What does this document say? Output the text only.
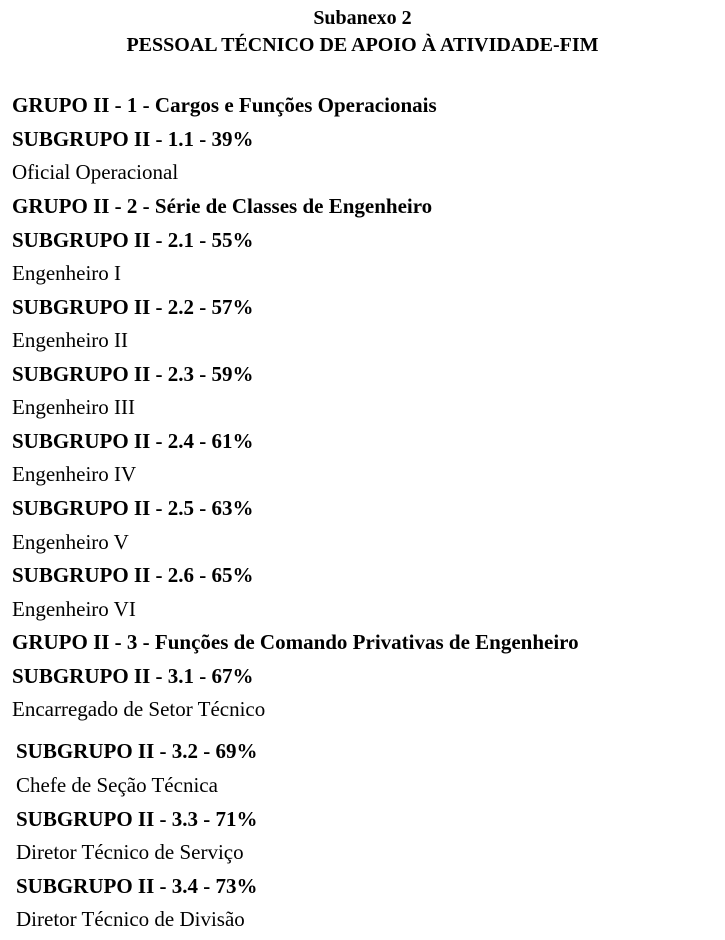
Subanexo 2
PESSOAL TÉCNICO DE APOIO À ATIVIDADE-FIM
GRUPO II - 1 - Cargos e Funções Operacionais
SUBGRUPO II - 1.1 - 39%
Oficial Operacional
GRUPO II - 2 - Série de Classes de Engenheiro
SUBGRUPO II - 2.1 - 55%
Engenheiro I
SUBGRUPO II - 2.2 - 57%
Engenheiro II
SUBGRUPO II - 2.3 - 59%
Engenheiro III
SUBGRUPO II - 2.4 - 61%
Engenheiro IV
SUBGRUPO II - 2.5 - 63%
Engenheiro V
SUBGRUPO II - 2.6 - 65%
Engenheiro VI
GRUPO II - 3 - Funções de Comando Privativas de Engenheiro
SUBGRUPO II - 3.1 - 67%
Encarregado de Setor Técnico
SUBGRUPO II - 3.2 - 69%
Chefe de Seção Técnica
SUBGRUPO II - 3.3 - 71%
Diretor Técnico de Serviço
SUBGRUPO II - 3.4 - 73%
Diretor Técnico de Divisão
